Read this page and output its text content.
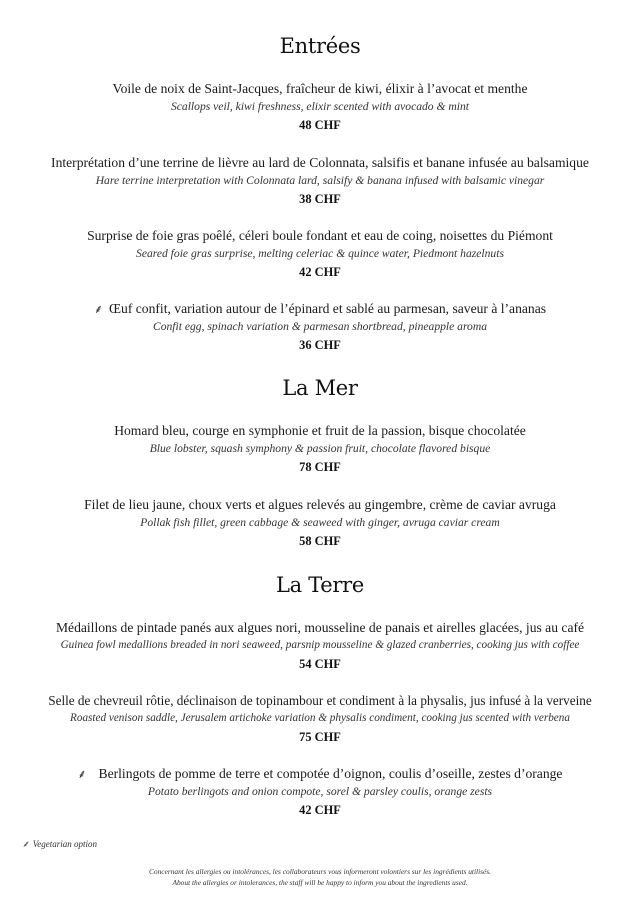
Entrées
Voile de noix de Saint-Jacques, fraîcheur de kiwi, élixir à l’avocat et menthe
Scallops veil, kiwi freshness, elixir scented with avocado & mint
48 CHF
Interprétation d’une terrine de lièvre au lard de Colonnata, salsifis et banane infusée au balsamique
Hare terrine interpretation with Colonnata lard, salsify & banana infused with balsamic vinegar
38 CHF
Surprise de foie gras poêlé, céleri boule fondant et eau de coing, noisettes du Piémont
Seared foie gras surprise, melting celeriac & quince water, Piedmont hazelnuts
42 CHF
⸙ Œuf confit, variation autour de l’épinard et sablé au parmesan, saveur à l’ananas
Confit egg, spinach variation & parmesan shortbread, pineapple aroma
36 CHF
La Mer
Homard bleu, courge en symphonie et fruit de la passion, bisque chocolatée
Blue lobster, squash symphony & passion fruit, chocolate flavored bisque
78 CHF
Filet de lieu jaune, choux verts et algues relevés au gingembre, crème de caviar avruga
Pollak fish fillet, green cabbage & seaweed with ginger, avruga caviar cream
58 CHF
La Terre
Médaillons de pintade panés aux algues nori, mousseline de panais et airelles glacées, jus au café
Guinea fowl medallions breaded in nori seaweed, parsnip mousseline & glazed cranberries, cooking jus with coffee
54 CHF
Selle de chevreuil rôtie, déclinaison de topinambour et condiment à la physalis, jus infusé à la verveine
Roasted venison saddle, Jerusalem artichoke variation & physalis condiment, cooking jus scented with verbena
75 CHF
⸙ Berlingots de pomme de terre et compotée d’oignon, coulis d’oseille, zestes d’orange
Potato berlingots and onion compote, sorel & parsley coulis, orange zests
42 CHF
⸙ Vegetarian option
Concernant les allergies ou intolérances, les collaborateurs vous informeront volontiers sur les ingrédients utilisés.
About the allergies or intolerances, the staff will be happy to inform you about the ingredients used.
